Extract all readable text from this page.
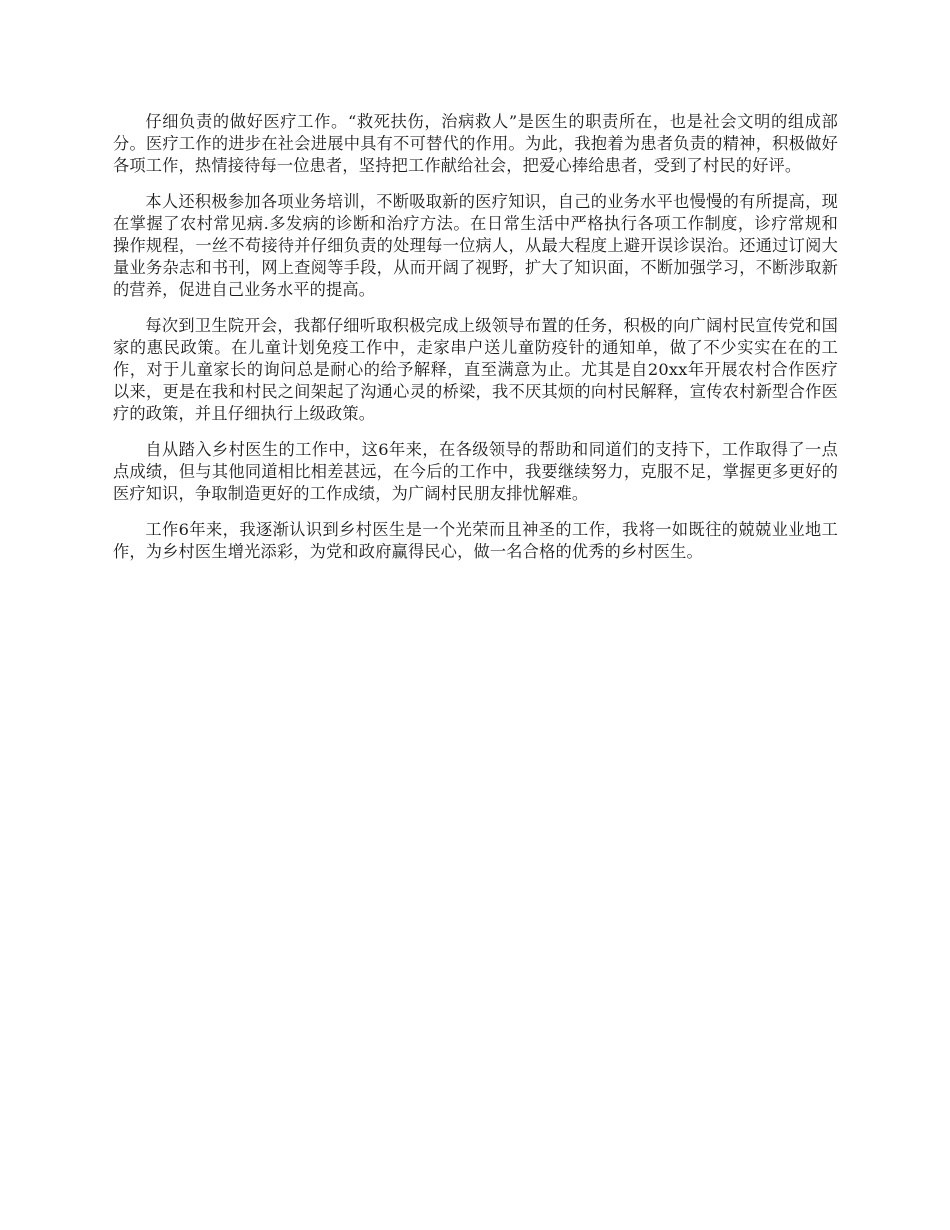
仔细负责的做好医疗工作。“救死扶伤，治病救人”是医生的职责所在，也是社会文明的组成部分。医疗工作的进步在社会进展中具有不可替代的作用。为此，我抱着为患者负责的精神，积极做好各项工作，热情接待每一位患者，坚持把工作献给社会，把爱心捧给患者，受到了村民的好评。

本人还积极参加各项业务培训，不断吸取新的医疗知识，自己的业务水平也慢慢的有所提高，现在掌握了农村常见病.多发病的诊断和治疗方法。在日常生活中严格执行各项工作制度，诊疗常规和操作规程，一丝不苟接待并仔细负责的处理每一位病人，从最大程度上避开误诊误治。还通过订阅大量业务杂志和书刊，网上查阅等手段，从而开阔了视野，扩大了知识面，不断加强学习，不断涉取新的营养，促进自己业务水平的提高。

每次到卫生院开会，我都仔细听取积极完成上级领导布置的任务，积极的向广阔村民宣传党和国家的惠民政策。在儿童计划免疫工作中，走家串户送儿童防疫针的通知单，做了不少实实在在的工作，对于儿童家长的询问总是耐心的给予解释，直至满意为止。尤其是自20xx年开展农村合作医疗以来，更是在我和村民之间架起了沟通心灵的桥梁，我不厌其烦的向村民解释，宣传农村新型合作医疗的政策，并且仔细执行上级政策。

自从踏入乡村医生的工作中，这6年来，在各级领导的帮助和同道们的支持下，工作取得了一点点成绩，但与其他同道相比相差甚远，在今后的工作中，我要继续努力，克服不足，掌握更多更好的医疗知识，争取制造更好的工作成绩，为广阔村民朋友排忧解难。

工作6年来，我逐渐认识到乡村医生是一个光荣而且神圣的工作，我将一如既往的兢兢业业地工作，为乡村医生增光添彩，为党和政府赢得民心，做一名合格的优秀的乡村医生。
